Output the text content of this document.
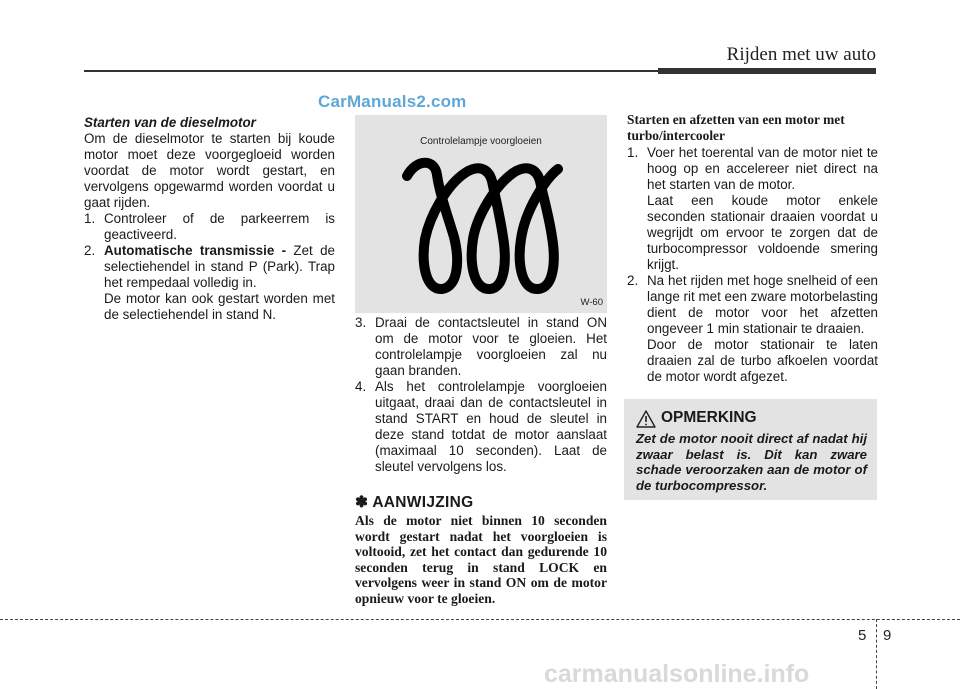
Rijden met uw auto
CarManuals2.com

Starten van de dieselmotor

Om de dieselmotor te starten bij koude motor moet deze voorgegloeid worden voordat de motor wordt gestart, en vervolgens opgewarmd worden voordat u gaat rijden.

1. Controleer of de parkeerrem is geactiveerd.
2. Automatische transmissie - Zet de selectiehendel in stand P (Park). Trap het rempedaal volledig in.

De motor kan ook gestart worden met de selectiehendel in stand N.

Controlelampje voorgloeien
W-60
3. Draai de contactsleutel in stand ON om de motor voor te gloeien. Het controlelampje voorgloeien zal nu gaan branden.
4. Als het controlelampje voorgloeien uitgaat, draai dan de contactsleutel in stand START en houd de sleutel in deze stand totdat de motor aanslaat (maximaal 10 seconden). Laat de sleutel vervolgens los.
✽ AANWIJZING
Als de motor niet binnen 10 seconden wordt gestart nadat het voorgloeien is voltooid, zet het contact dan gedurende 10 seconden terug in stand LOCK en vervolgens weer in stand ON om de motor opnieuw voor te gloeien.

Starten en afzetten van een motor met turbo/intercooler

1. Voer het toerental van de motor niet te hoog op en accelereer niet direct na het starten van de motor.

Laat een koude motor enkele seconden stationair draaien voordat u wegrijdt om ervoor te zorgen dat de turbocompressor voldoende smering krijgt.

2. Na het rijden met hoge snelheid of een lange rit met een zware motorbelasting dient de motor voor het afzetten ongeveer 1 min stationair te draaien.

Door de motor stationair te laten draaien zal de turbo afkoelen voordat de motor wordt afgezet.

OPMERKING
Zet de motor nooit direct af nadat hij zwaar belast is. Dit kan zware schade veroorzaken aan de motor of de turbocompressor.
5 9
carmanualsonline.info
